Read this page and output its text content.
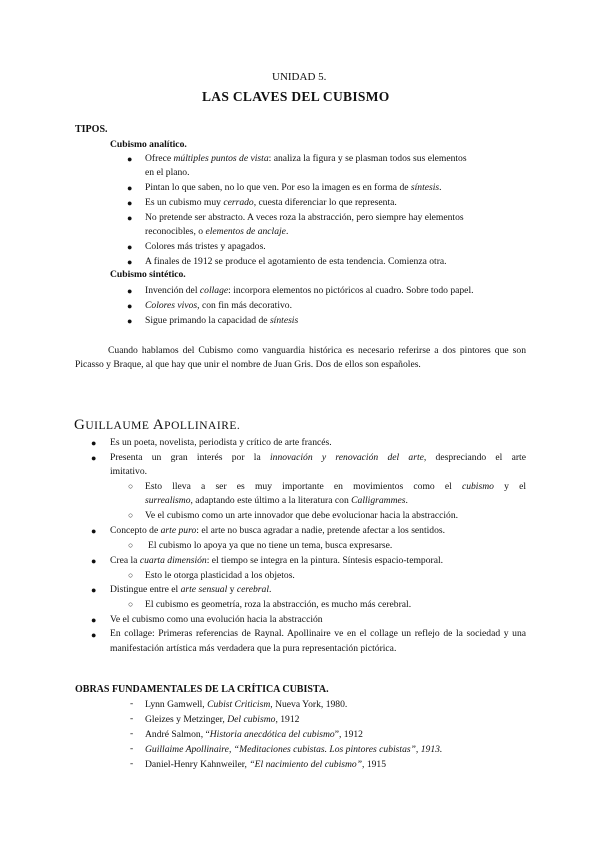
UNIDAD 5.
LAS CLAVES DEL CUBISMO
TIPOS.
Cubismo analítico.
● Ofrece múltiples puntos de vista: analiza la figura y se plasman todos sus elementos
en el plano.
● Pintan lo que saben, no lo que ven. Por eso la imagen es en forma de síntesis.
● Es un cubismo muy cerrado, cuesta diferenciar lo que representa.
● No pretende ser abstracto. A veces roza la abstracción, pero siempre hay elementos
reconocibles, o elementos de anclaje.
● Colores más tristes y apagados.
● A finales de 1912 se produce el agotamiento de esta tendencia. Comienza otra.
Cubismo sintético.
● Invención del collage: incorpora elementos no pictóricos al cuadro. Sobre todo papel.
● Colores vivos, con fin más decorativo.
● Sigue primando la capacidad de síntesis
Cuando hablamos del Cubismo como vanguardia histórica es necesario referirse a dos pintores que son Picasso y Braque, al que hay que unir el nombre de Juan Gris. Dos de ellos son españoles.
GUILLAUME APOLLINAIRE.
● Es un poeta, novelista, periodista y crítico de arte francés.
● Presenta un gran interés por la innovación y renovación del arte, despreciando el arte
imitativo.
○ Esto lleva a ser es muy importante en movimientos como el cubismo y el
surrealismo, adaptando este último a la literatura con Calligrammes.
○ Ve el cubismo como un arte innovador que debe evolucionar hacia la abstracción.
● Concepto de arte puro: el arte no busca agradar a nadie, pretende afectar a los sentidos.
○ El cubismo lo apoya ya que no tiene un tema, busca expresarse.
● Crea la cuarta dimensión: el tiempo se integra en la pintura. Síntesis espacio-temporal.
○ Esto le otorga plasticidad a los objetos.
● Distingue entre el arte sensual y cerebral.
○ El cubismo es geometría, roza la abstracción, es mucho más cerebral.
● Ve el cubismo como una evolución hacia la abstracción
● En collage: Primeras referencias de Raynal. Apollinaire ve en el collage un reflejo de la sociedad y una manifestación artística más verdadera que la pura representación pictórica.
OBRAS FUNDAMENTALES DE LA CRÍTICA CUBISTA.
- Lynn Gamwell, Cubist Criticism, Nueva York, 1980.
- Gleizes y Metzinger, Del cubismo, 1912
- André Salmon, “Historia anecdótica del cubismo”, 1912
- Guillaime Apollinaire, “Meditaciones cubistas. Los pintores cubistas”, 1913.
- Daniel-Henry Kahnweiler, “El nacimiento del cubismo”, 1915
